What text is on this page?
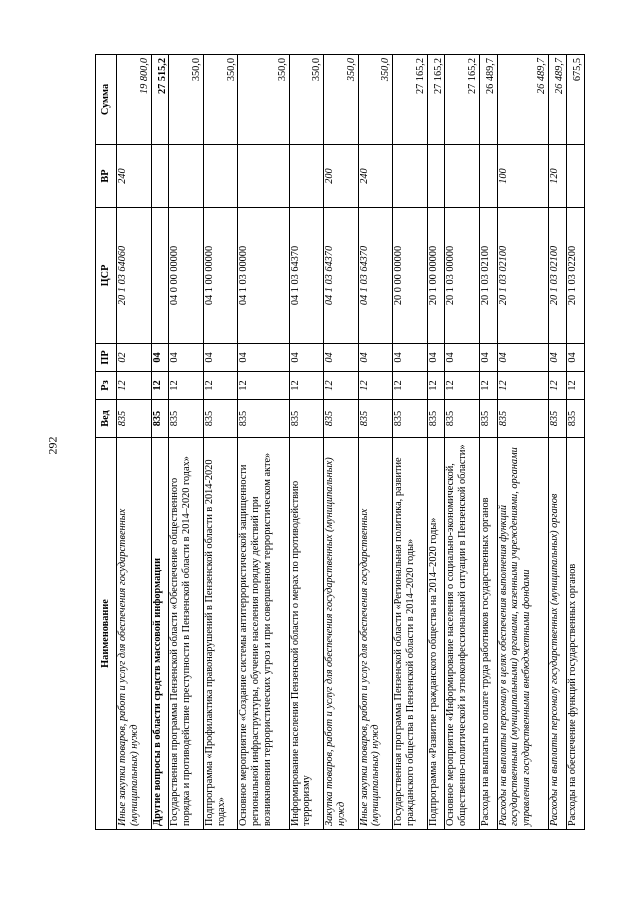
292
Наименование	Вед	Рз	ПР	ЦСР	ВР	Сумма
Иные закупки товаров, работ и услуг для обеспечения государственных (муниципальных) нужд	835	12	02	20 1 03 64060	240	19 800,0
Другие вопросы в области средств массовой информации	835	12	04			27 515,2
Государственная программа Пензенской области «Обеспечение общественного порядка и противодействие преступности в Пензенской области в 2014–2020 годах»	835	12	04	04 0 00 00000		350,0
Подпрограмма «Профилактика правонарушений в Пензенской области в 2014-2020 годах»	835	12	04	04 1 00 00000		350,0
Основное мероприятие «Создание системы антитеррористической защищенности региональной инфраструктуры, обучение населения порядку действий при возникновении террористических угроз и при совершенном террористическом акте»	835	12	04	04 1 03 00000		350,0
Информирование населения Пензенской области о мерах по противодействию терроризму	835	12	04	04 1 03 64370		350,0
Закупка товаров, работ и услуг для обеспечения государственных (муниципальных) нужд	835	12	04	04 1 03 64370	200	350,0
Иные закупки товаров, работ и услуг для обеспечения государственных (муниципальных) нужд	835	12	04	04 1 03 64370	240	350,0
Государственная программа Пензенской области «Региональная политика, развитие гражданского общества в Пензенской области в 2014–2020 годы»	835	12	04	20 0 00 00000		27 165,2
Подпрограмма «Развитие гражданского общества на 2014–2020 годы»	835	12	04	20 1 00 00000		27 165,2
Основное мероприятие «Информирование населения о социально-экономической, общественно-политической и этноконфессиональной ситуации в Пензенской области»	835	12	04	20 1 03 00000		27 165,2
Расходы на выплаты по оплате труда работников государственных органов	835	12	04	20 1 03 02100		26 489,7
Расходы на выплаты персоналу в целях обеспечения выполнения функций государственными (муниципальными) органами, казенными учреждениями, органами управления государственными внебюджетными фондами	835	12	04	20 1 03 02100	100	26 489,7
Расходы на выплаты персоналу государственных (муниципальных) органов	835	12	04	20 1 03 02100	120	26 489,7
Расходы на обеспечение функций государственных органов	835	12	04	20 1 03 02200		675,5
